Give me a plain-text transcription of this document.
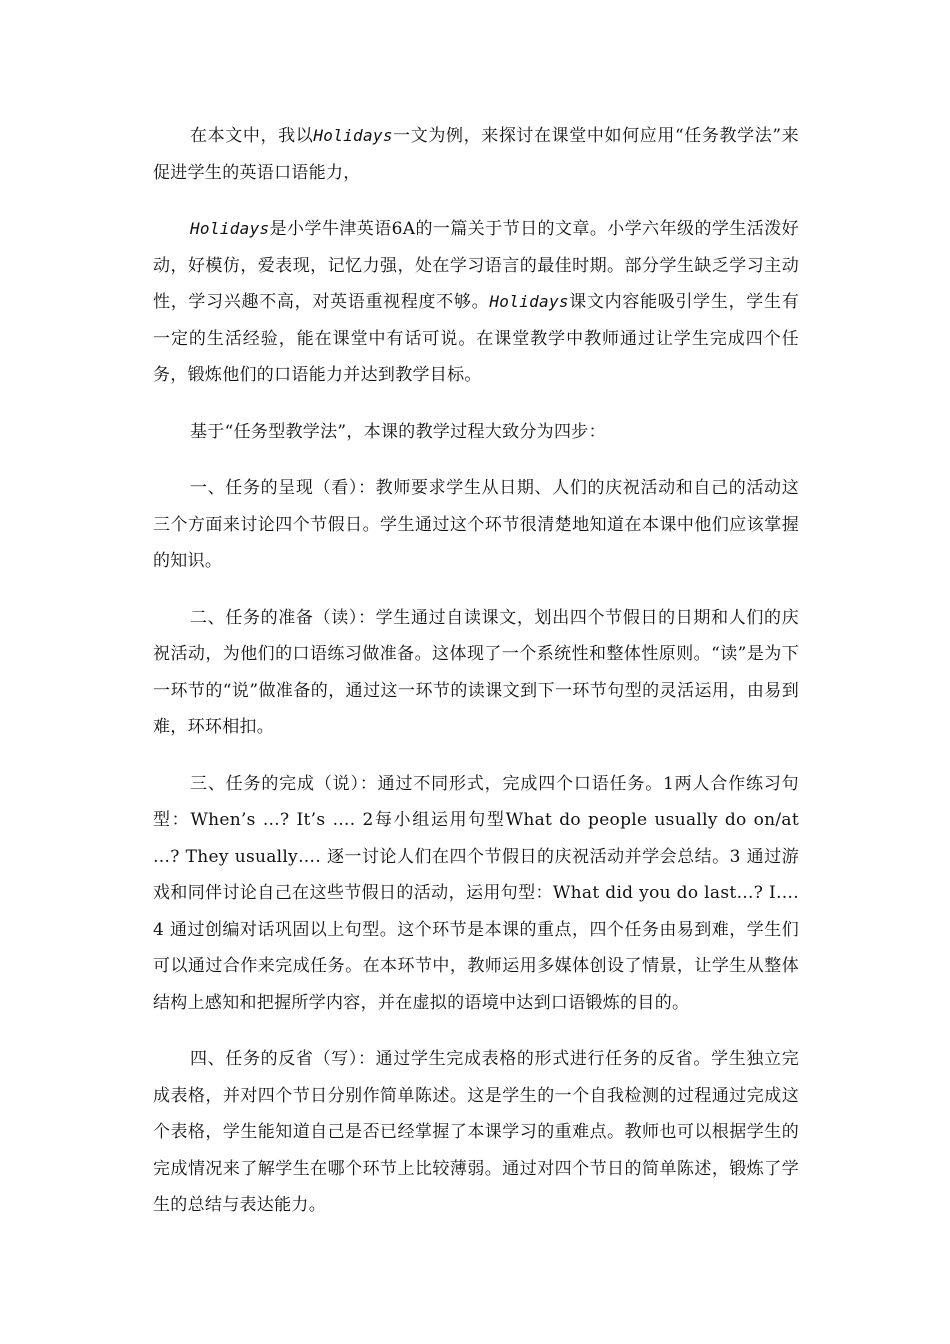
在本文中，我以Holidays一文为例，来探讨在课堂中如何应用“任务教学法”来促进学生的英语口语能力，

Holidays是小学牛津英语6A的一篇关于节日的文章。小学六年级的学生活泼好动，好模仿，爱表现，记忆力强，处在学习语言的最佳时期。部分学生缺乏学习主动性，学习兴趣不高，对英语重视程度不够。Holidays课文内容能吸引学生，学生有一定的生活经验，能在课堂中有话可说。在课堂教学中教师通过让学生完成四个任务，锻炼他们的口语能力并达到教学目标。

基于“任务型教学法”，本课的教学过程大致分为四步：

一、任务的呈现（看）：教师要求学生从日期、人们的庆祝活动和自己的活动这三个方面来讨论四个节假日。学生通过这个环节很清楚地知道在本课中他们应该掌握的知识。

二、任务的准备（读）：学生通过自读课文，划出四个节假日的日期和人们的庆祝活动，为他们的口语练习做准备。这体现了一个系统性和整体性原则。“读”是为下一环节的“说”做准备的，通过这一环节的读课文到下一环节句型的灵活运用，由易到难，环环相扣。

三、任务的完成（说）：通过不同形式，完成四个口语任务。1两人合作练习句型：When’s …? It’s …. 2每小组运用句型What do people usually do on/at …? They usually…. 逐一讨论人们在四个节假日的庆祝活动并学会总结。3 通过游戏和同伴讨论自己在这些节假日的活动，运用句型：What did you do last…? I…. 4 通过创编对话巩固以上句型。这个环节是本课的重点，四个任务由易到难，学生们可以通过合作来完成任务。在本环节中，教师运用多媒体创设了情景，让学生从整体结构上感知和把握所学内容，并在虚拟的语境中达到口语锻炼的目的。

四、任务的反省（写）：通过学生完成表格的形式进行任务的反省。学生独立完成表格，并对四个节日分别作简单陈述。这是学生的一个自我检测的过程通过完成这个表格，学生能知道自己是否已经掌握了本课学习的重难点。教师也可以根据学生的完成情况来了解学生在哪个环节上比较薄弱。通过对四个节日的简单陈述，锻炼了学生的总结与表达能力。
